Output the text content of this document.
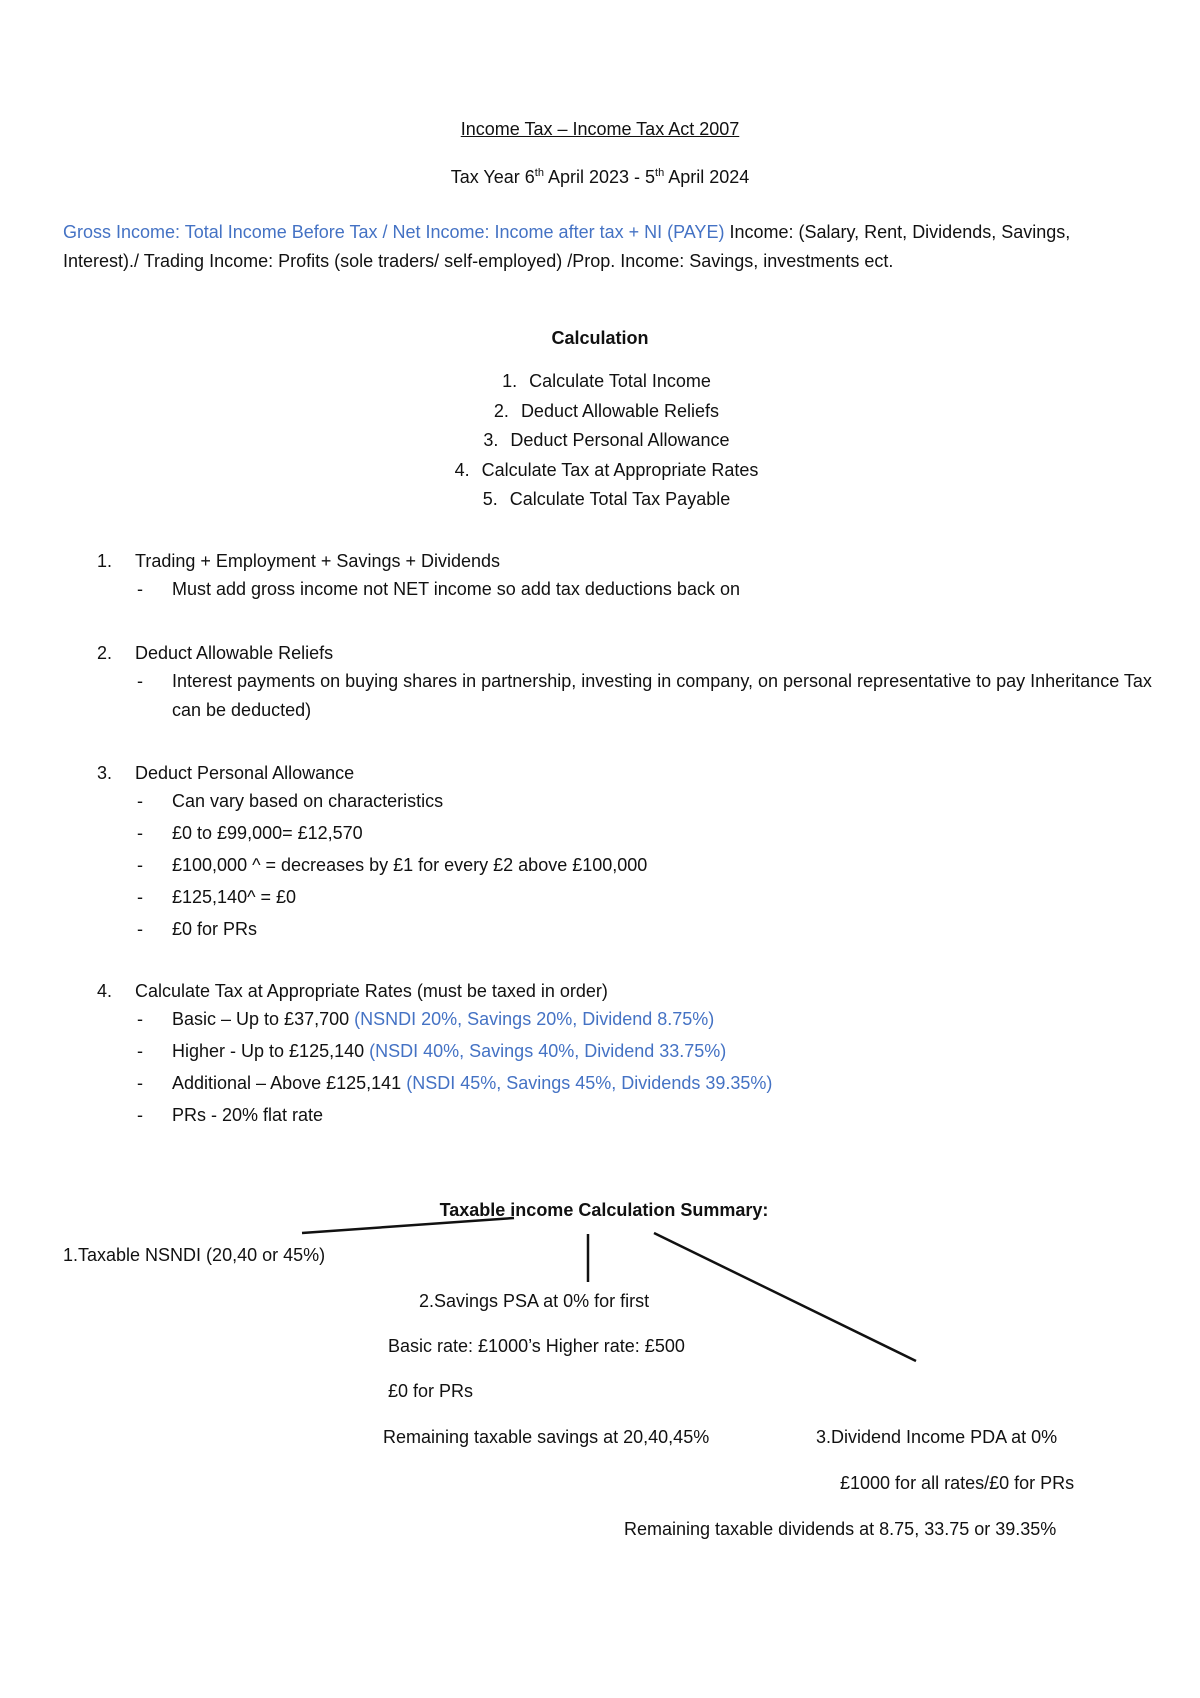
Income Tax – Income Tax Act 2007
Tax Year 6th April 2023 - 5th April 2024
Gross Income: Total Income Before Tax / Net Income: Income after tax + NI (PAYE) Income: (Salary, Rent, Dividends, Savings, Interest)./ Trading Income: Profits (sole traders/ self-employed) /Prop. Income: Savings, investments ect.
Calculation
1. Calculate Total Income
2. Deduct Allowable Reliefs
3. Deduct Personal Allowance
4. Calculate Tax at Appropriate Rates
5. Calculate Total Tax Payable
1. Trading + Employment + Savings + Dividends
- Must add gross income not NET income so add tax deductions back on
2. Deduct Allowable Reliefs
- Interest payments on buying shares in partnership, investing in company, on personal representative to pay Inheritance Tax can be deducted)
3. Deduct Personal Allowance
- Can vary based on characteristics
- £0 to £99,000= £12,570
- £100,000 ^ = decreases by £1 for every £2 above £100,000
- £125,140^ = £0
- £0 for PRs
4. Calculate Tax at Appropriate Rates (must be taxed in order)
- Basic – Up to £37,700 (NSNDI 20%, Savings 20%, Dividend 8.75%)
- Higher - Up to £125,140 (NSDI 40%, Savings 40%, Dividend 33.75%)
- Additional – Above £125,141 (NSDI 45%, Savings 45%, Dividends 39.35%)
- PRs - 20% flat rate
Taxable income Calculation Summary:
1.Taxable NSNDI (20,40 or 45%)
2.Savings PSA at 0% for first
Basic rate: £1000’s Higher rate: £500
£0 for PRs
Remaining taxable savings at 20,40,45%	3.Dividend Income PDA at 0%
£1000 for all rates/£0 for PRs
Remaining taxable dividends at 8.75, 33.75 or 39.35%
